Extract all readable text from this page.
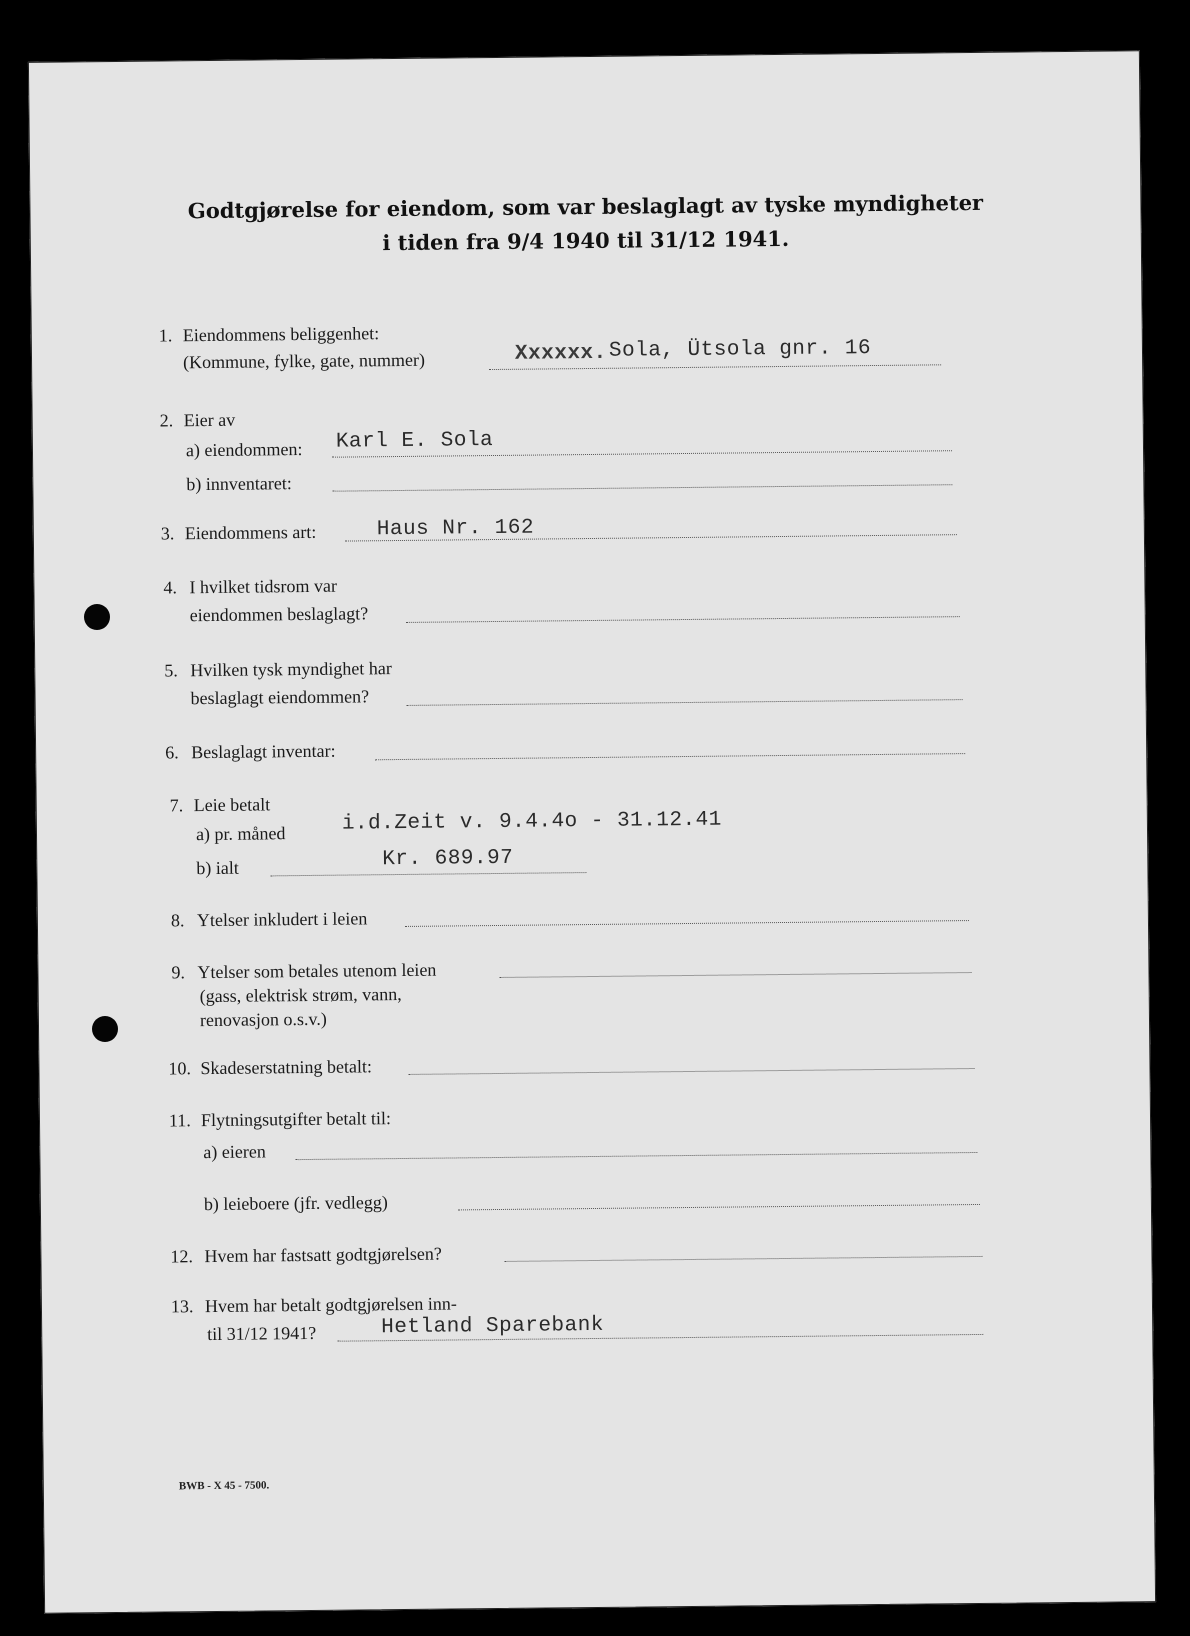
Godtgjørelse for eiendom, som var beslaglagt av tyske myndigheter
i tiden fra 9/4 1940 til 31/12 1941.
1. Eiendommens beliggenhet:
(Kommune, fylke, gate, nummer)	Xxxxxx. Sola, Ütsola gnr. 16
2. Eier av
a) eiendommen: Karl E. Sola
b) innventaret:
3. Eiendommens art:	Haus Nr. 162
4. I hvilket tidsrom var
eiendommen beslaglagt?
5. Hvilken tysk myndighet har
beslaglagt eiendommen?
6. Beslaglagt inventar:
7. Leie betalt
a) pr. måned	i.d.Zeit v. 9.4.4o - 31.12.41
b) ialt	Kr. 689.97
8. Ytelser inkludert i leien
9. Ytelser som betales utenom leien
(gass, elektrisk strøm, vann,
renovasjon o.s.v.)
10. Skadeserstatning betalt:
11. Flytningsutgifter betalt til:
a) eieren
b) leieboere (jfr. vedlegg)
12. Hvem har fastsatt godtgjørelsen?
13. Hvem har betalt godtgjørelsen inn-
til 31/12 1941?	Hetland Sparebank
BWB - X 45 - 7500.
